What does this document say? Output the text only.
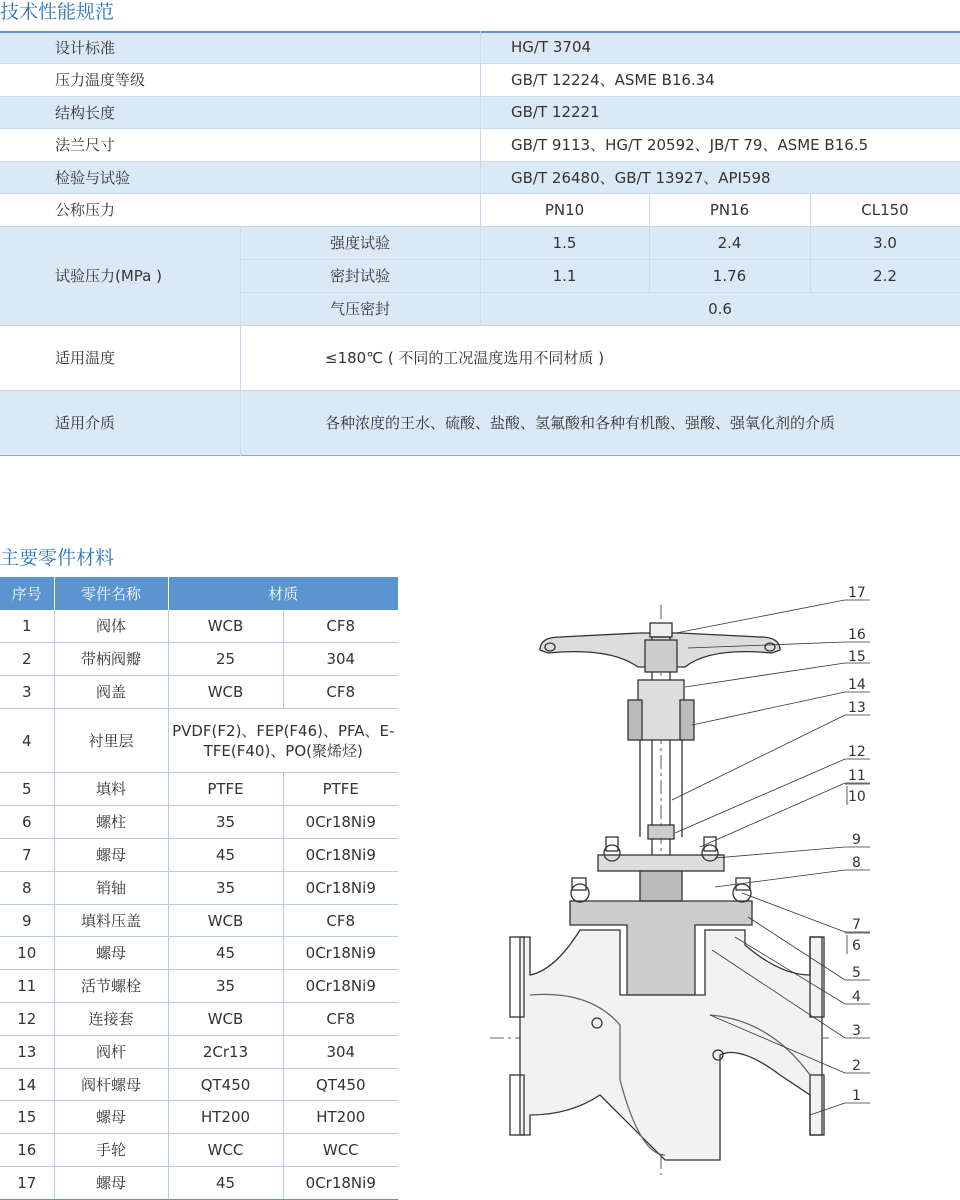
技术性能规范
设计标准	HG/T 3704
压力温度等级	GB/T 12224、ASME B16.34
结构长度	GB/T 12221
法兰尺寸	GB/T 9113、HG/T 20592、JB/T 79、ASME B16.5
检验与试验	GB/T 26480、GB/T 13927、API598
公称压力	PN10	PN16	CL150
试验压力(MPa )
强度试验	1.5	2.4	3.0
密封试验	1.1	1.76	2.2
气压密封	0.6
适用温度	≤180℃ ( 不同的工况温度选用不同材质 )
适用介质	各种浓度的王水、硫酸、盐酸、氢氟酸和各种有机酸、强酸、强氧化剂的介质
主要零件材料
序号	零件名称	材质	
1	阀体	WCB	CF8
2	带柄阀瓣	25	304
3	阀盖	WCB	CF8
4	衬里层	PVDF(F2)、FEP(F46)、PFA、E-TFE(F40)、PO(聚烯烃)	
5	填料	PTFE	PTFE
6	螺柱	35	0Cr18Ni9
7	螺母	45	0Cr18Ni9
8	销轴	35	0Cr18Ni9
9	填料压盖	WCB	CF8
10	螺母	45	0Cr18Ni9
11	活节螺栓	35	0Cr18Ni9
12	连接套	WCB	CF8
13	阀杆	2Cr13	304
14	阀杆螺母	QT450	QT450
15	螺母	HT200	HT200
16	手轮	WCC	WCC
17	螺母	45	0Cr18Ni9
17
16
15
14
13
12
11
10
9
8
7
6
5
4
3
2
1
